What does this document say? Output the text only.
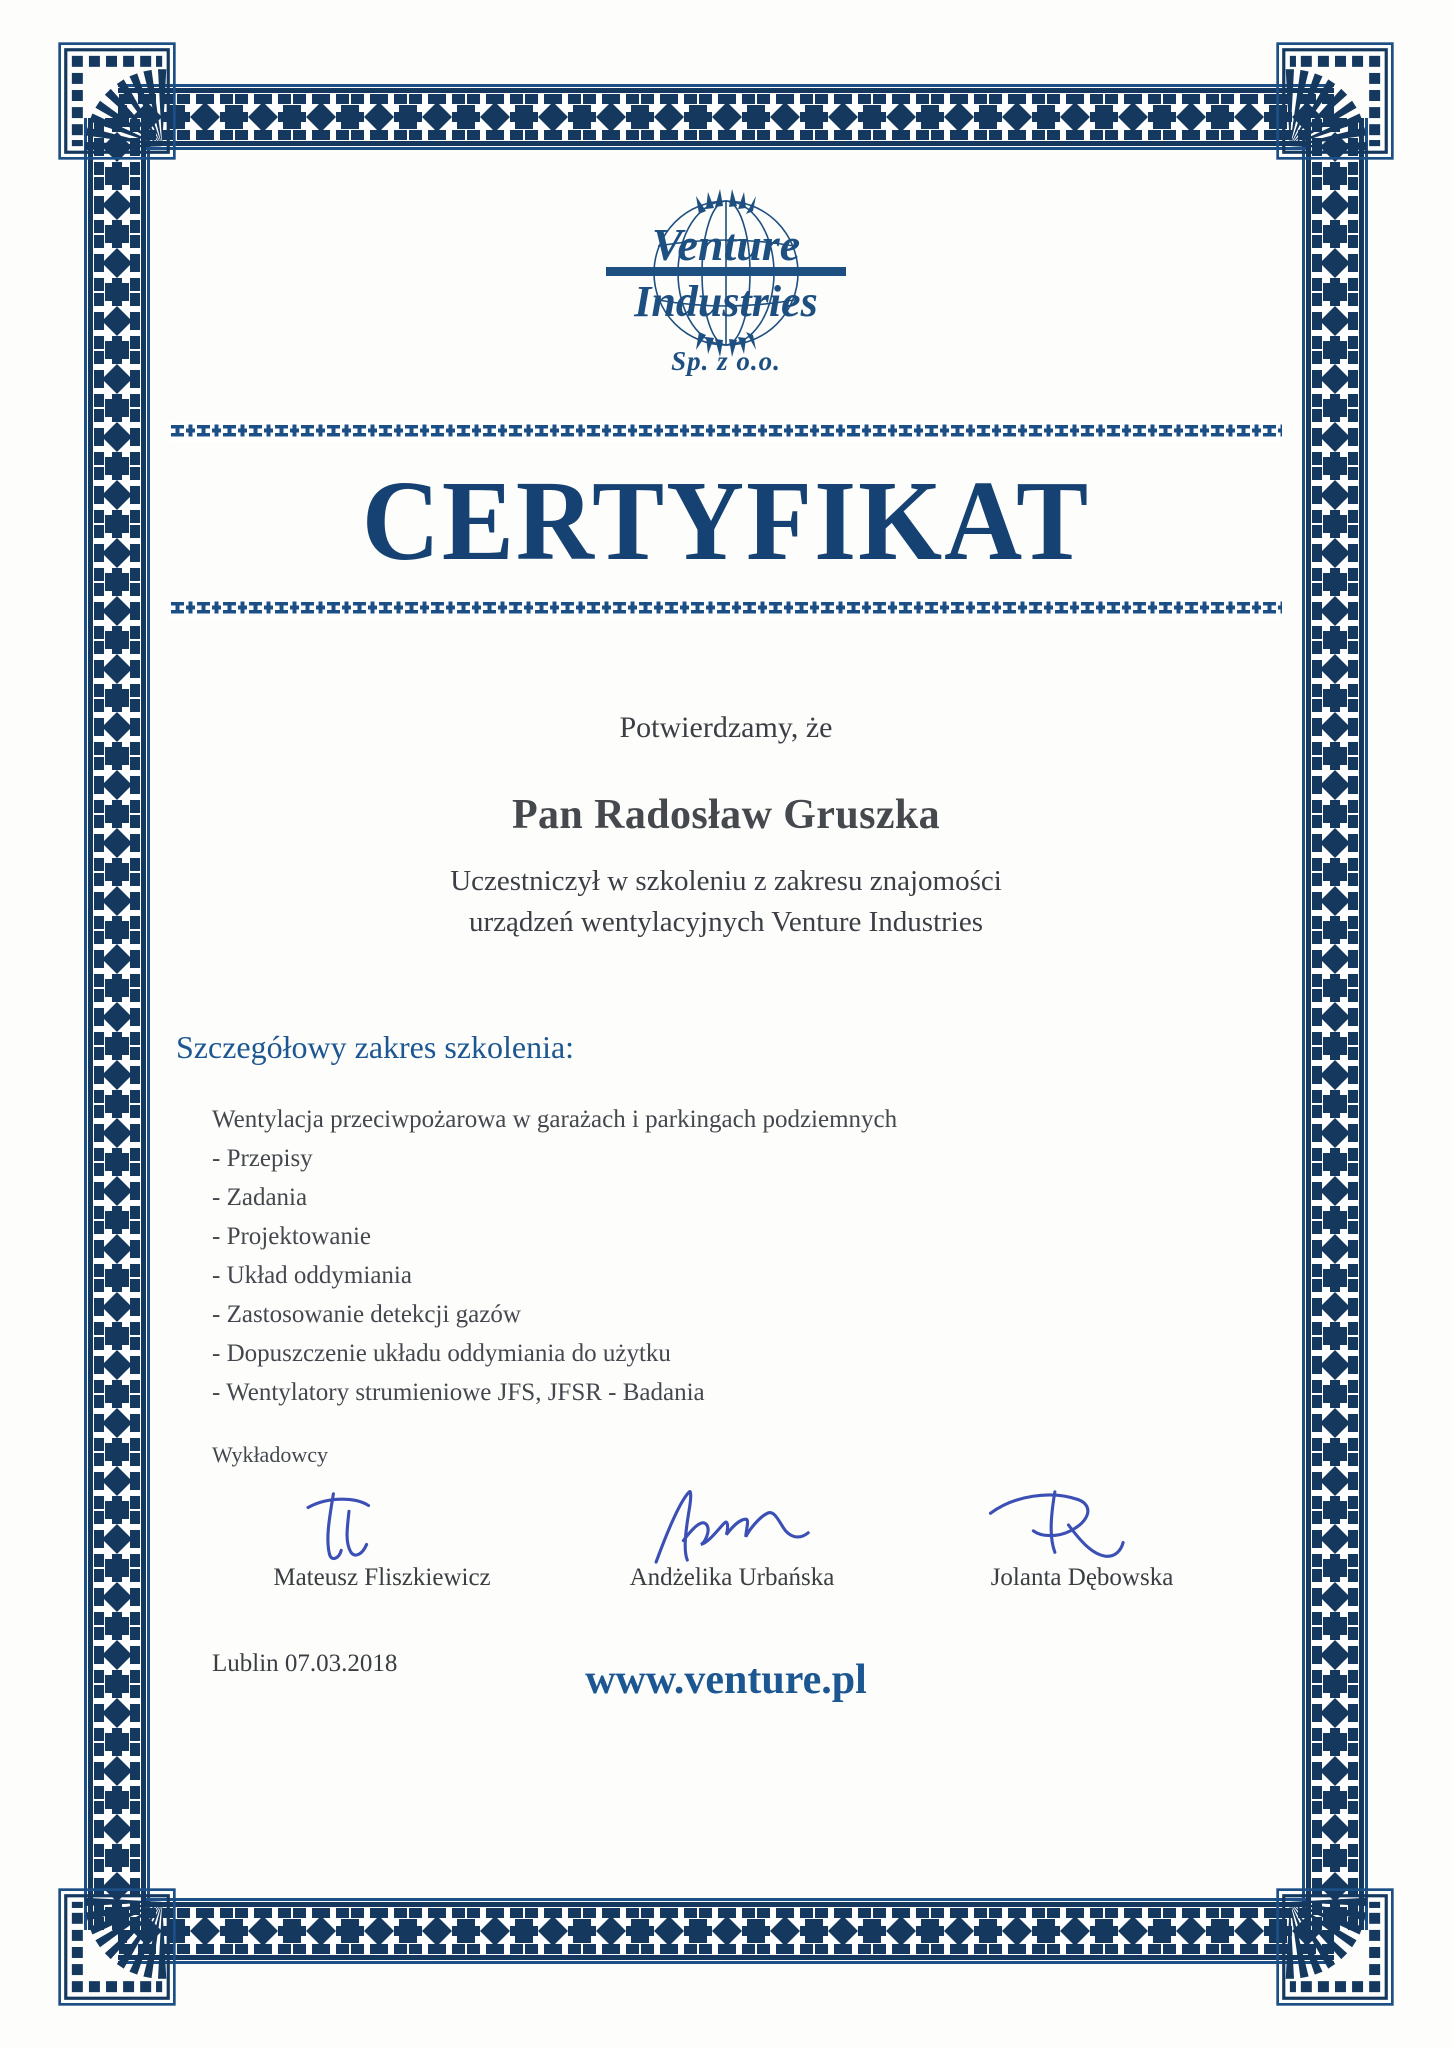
Venture
Industries
Sp. z o.o.
CERTYFIKAT
Potwierdzamy, że
Pan Radosław Gruszka
Uczestniczył w szkoleniu z zakresu znajomości
urządzeń wentylacyjnych Venture Industries
Szczegółowy zakres szkolenia:
Wentylacja przeciwpożarowa w garażach i parkingach podziemnych
- Przepisy
- Zadania
- Projektowanie
- Układ oddymiania
- Zastosowanie detekcji gazów
- Dopuszczenie układu oddymiania do użytku
- Wentylatory strumieniowe JFS, JFSR - Badania
Wykładowcy
Mateusz Fliszkiewicz	Andżelika Urbańska	Jolanta Dębowska
Lublin 07.03.2018	www.venture.pl
